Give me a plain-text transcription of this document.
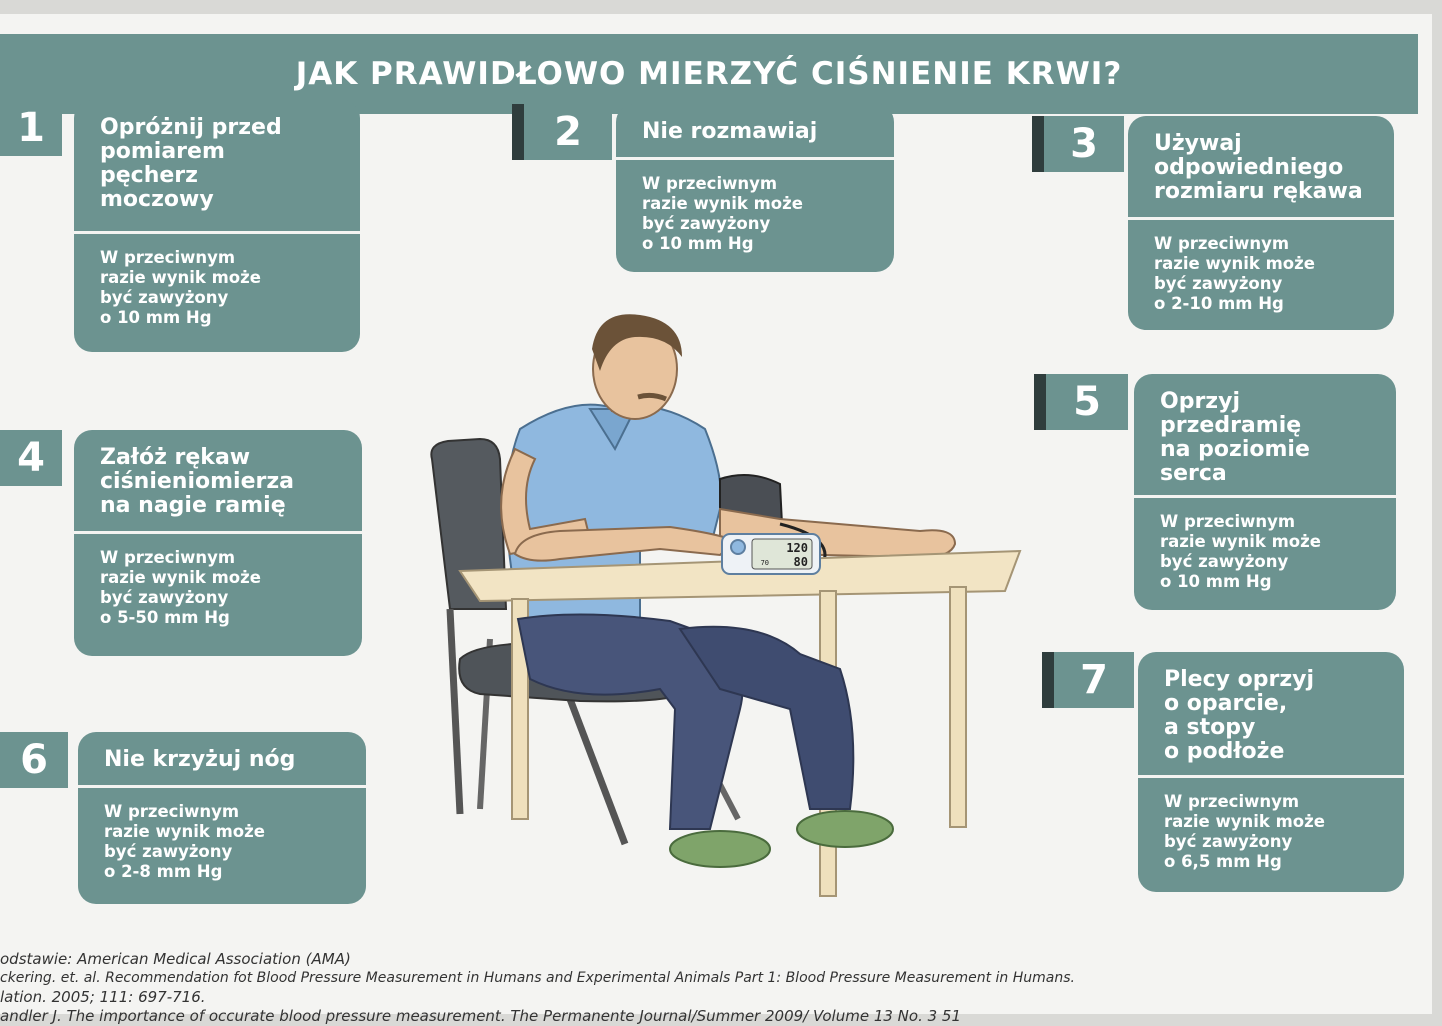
JAK PRAWIDŁOWO MIERZYĆ CIŚNIENIE KRWI?
1	Opróżnij przed
pomiarem
pęcherz
moczowy
W przeciwnym
razie wynik może
być zawyżony
o 10 mm Hg
2	Nie rozmawiaj
W przeciwnym
razie wynik może
być zawyżony
o 10 mm Hg
3	Używaj
odpowiedniego
rozmiaru rękawa
W przeciwnym
razie wynik może
być zawyżony
o 2-10 mm Hg
4	Załóż rękaw
ciśnieniomierza
na nagie ramię
W przeciwnym
razie wynik może
być zawyżony
o 5-50 mm Hg
5	Oprzyj
przedramię
na poziomie
serca
W przeciwnym
razie wynik może
być zawyżony
o 10 mm Hg
6	Nie krzyżuj nóg
W przeciwnym
razie wynik może
być zawyżony
o 2-8 mm Hg
7	Plecy oprzyj
o oparcie,
a stopy
o podłoże
W przeciwnym
razie wynik może
być zawyżony
o 6,5 mm Hg
120
80
70
odstawie: American Medical Association (AMA)
ckering. et. al. Recommendation fot Blood Pressure Measurement in Humans and Experimental Animals Part 1: Blood Pressure Measurement in Humans.
lation. 2005; 111: 697-716.
andler J. The importance of occurate blood pressure measurement. The Permanente Journal/Summer 2009/ Volume 13 No. 3 51
